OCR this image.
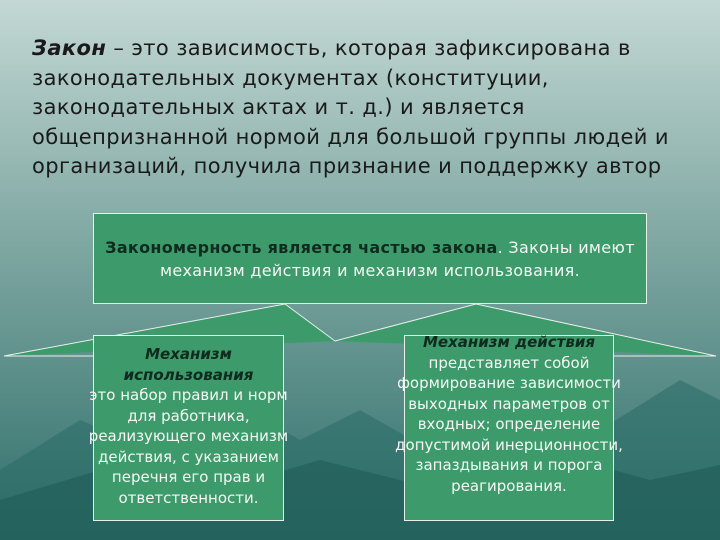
Закон – это зависимость, которая зафиксирована в законодательных документах (конституции, законодательных актах и т. д.) и является общепризнанной нормой для большой группы людей и организаций, получила признание и поддержку автор
Закономерность является частью закона. Законы имеют механизм действия и механизм использования.
Механизм использования
это набор правил и норм для работника, реализующего механизм действия, с указанием перечня его прав и ответственности.
Механизм действия
представляет собой формирование зависимости выходных параметров от входных; определение допустимой инерционности, запаздывания и порога реагирования.
